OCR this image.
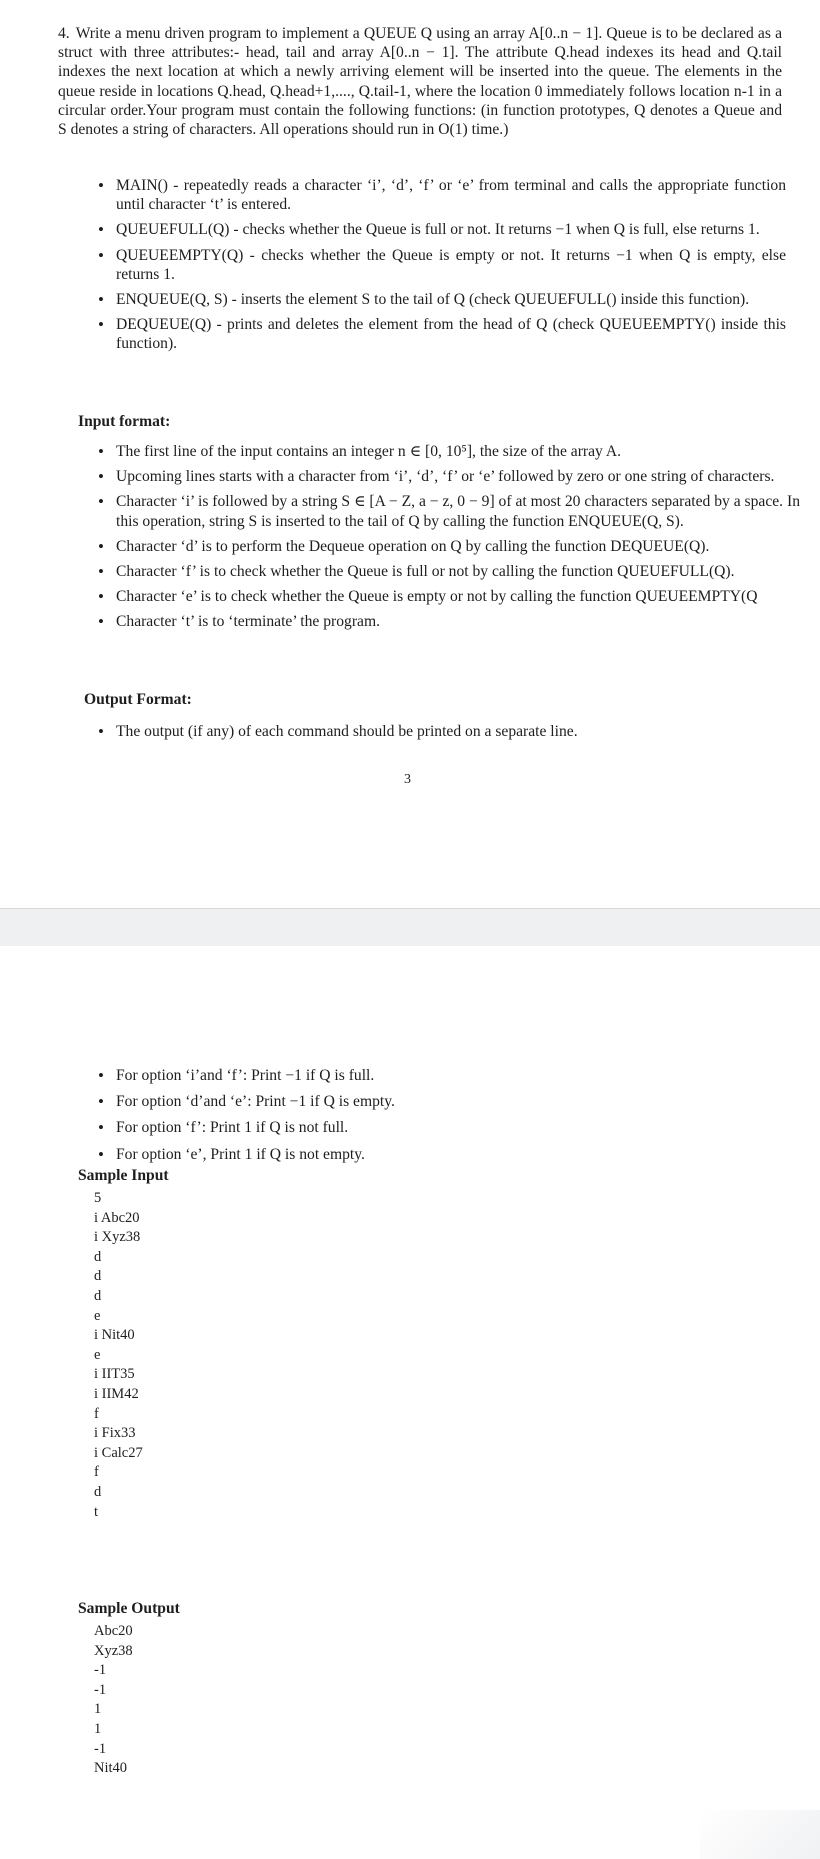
4. Write a menu driven program to implement a QUEUE Q using an array A[0..n − 1]. Queue is to be declared as a struct with three attributes:- head, tail and array A[0..n − 1]. The attribute Q.head indexes its head and Q.tail indexes the next location at which a newly arriving element will be inserted into the queue. The elements in the queue reside in locations Q.head, Q.head+1,...., Q.tail-1, where the location 0 immediately follows location n-1 in a circular order.Your program must contain the following functions: (in function prototypes, Q denotes a Queue and S denotes a string of characters. All operations should run in O(1) time.)
• MAIN() - repeatedly reads a character ‘i’, ‘d’, ‘f’ or ‘e’ from terminal and calls the appropriate function until character ‘t’ is entered.
• QUEUEFULL(Q) - checks whether the Queue is full or not. It returns −1 when Q is full, else returns 1.
• QUEUEEMPTY(Q) - checks whether the Queue is empty or not. It returns −1 when Q is empty, else returns 1.
• ENQUEUE(Q, S) - inserts the element S to the tail of Q (check QUEUEFULL() inside this function).
• DEQUEUE(Q) - prints and deletes the element from the head of Q (check QUEUEEMPTY() inside this function).
Input format:
• The first line of the input contains an integer n ∈ [0, 10⁵], the size of the array A.
• Upcoming lines starts with a character from ‘i’, ‘d’, ‘f’ or ‘e’ followed by zero or one string of characters.
• Character ‘i’ is followed by a string S ∈ [A − Z, a − z, 0 − 9] of at most 20 characters separated by a space. In this operation, string S is inserted to the tail of Q by calling the function ENQUEUE(Q, S).
• Character ‘d’ is to perform the Dequeue operation on Q by calling the function DEQUEUE(Q).
• Character ‘f’ is to check whether the Queue is full or not by calling the function QUEUEFULL(Q).
• Character ‘e’ is to check whether the Queue is empty or not by calling the function QUEUEEMPTY(Q
• Character ‘t’ is to ‘terminate’ the program.
Output Format:
• The output (if any) of each command should be printed on a separate line.
3
• For option ‘i’and ‘f’: Print −1 if Q is full.
• For option ‘d’and ‘e’: Print −1 if Q is empty.
• For option ‘f’: Print 1 if Q is not full.
• For option ‘e’, Print 1 if Q is not empty.
Sample Input
5
i Abc20
i Xyz38
d
d
d
e
i Nit40
e
i IIT35
i IIM42
f
i Fix33
i Calc27
f
d
t
Sample Output
Abc20
Xyz38
-1
-1
1
1
-1
Nit40
